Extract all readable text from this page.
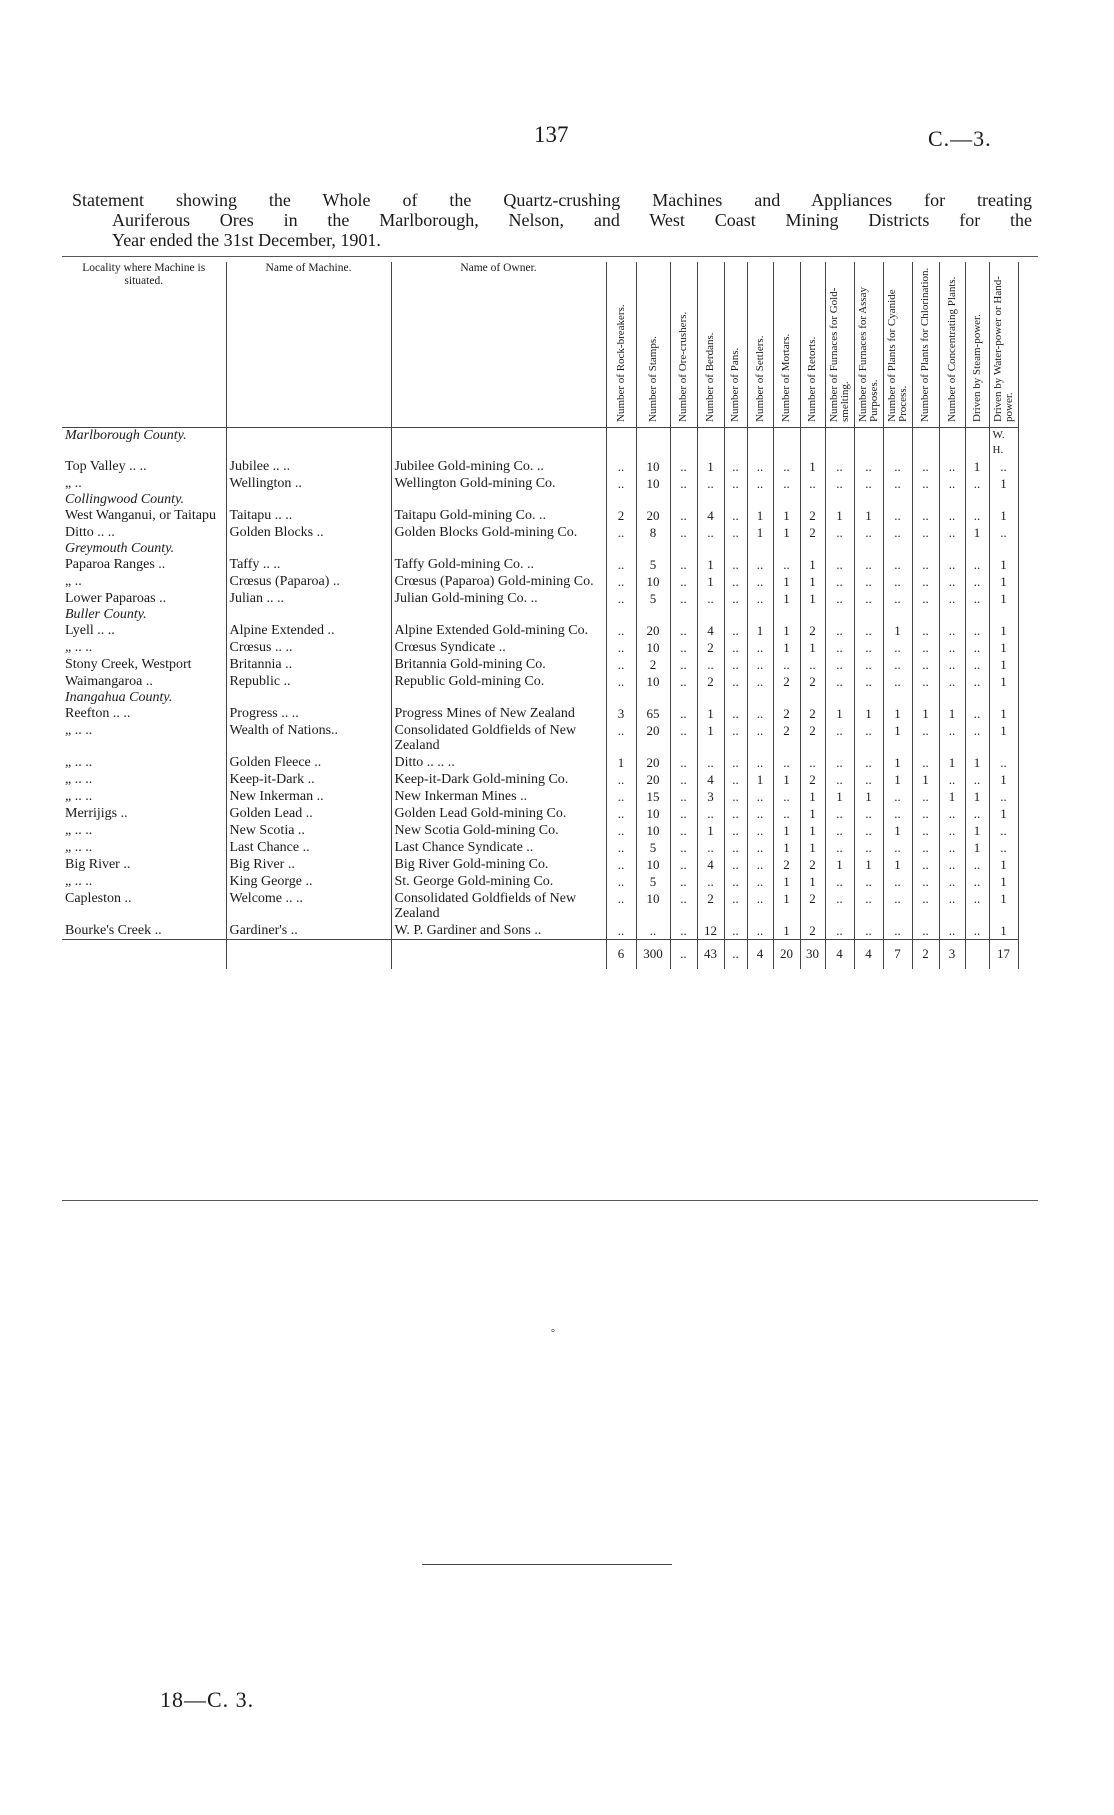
137	C.—3.
Statement showing the Whole of the Quartz-crushing Machines and Appliances for treating
Auriferous Ores in the Marlborough, Nelson, and West Coast Mining Districts for the
Year ended the 31st December, 1901.
Locality where Machine is situated.	Name of Machine.	Name of Owner.	Number of Rock-breakers.	Number of Stamps.	Number of Ore-crushers.	Number of Berdans.	Number of Pans.	Number of Settlers.	Number of Mortars.	Number of Retorts.	Number of Furnaces for Gold-smelting.	Number of Furnaces for Assay Purposes.	Number of Plants for Cyanide Process.	Number of Plants for Chlorination.	Number of Concentrating Plants.	Driven by Steam-power.	Driven by Water-power or Hand-power.

Marlborough County.																	W. H.
Top Valley .. ..	Jubilee .. ..	Jubilee Gold-mining Co. ..	..	10	..	1	..	..	..	1	..	..	..	..	..	1	..
„ ..	Wellington ..	Wellington Gold-mining Co.	..	10	..	..	..	..	..	..	..	..	..	..	..	..	1
Collingwood County.																	
West Wanganui, or Taitapu	Taitapu .. ..	Taitapu Gold-mining Co. ..	2	20	..	4	..	1	1	2	1	1	..	..	..	..	1
Ditto .. ..	Golden Blocks ..	Golden Blocks Gold-mining Co.	..	8	..	..	..	1	1	2	..	..	..	..	..	1	..
Greymouth County.																	
Paparoa Ranges ..	Taffy .. ..	Taffy Gold-mining Co. ..	..	5	..	1	..	..	..	1	..	..	..	..	..	..	1
„ ..	Crœsus (Paparoa) ..	Crœsus (Paparoa) Gold-mining Co.	..	10	..	1	..	..	1	1	..	..	..	..	..	..	1
Lower Paparoas ..	Julian .. ..	Julian Gold-mining Co. ..	..	5	..	..	..	..	1	1	..	..	..	..	..	..	1
Buller County.																	
Lyell .. ..	Alpine Extended ..	Alpine Extended Gold-mining Co.	..	20	..	4	..	1	1	2	..	..	1	..	..	..	1
„ .. ..	Crœsus .. ..	Crœsus Syndicate ..	..	10	..	2	..	..	1	1	..	..	..	..	..	..	1
Stony Creek, Westport	Britannia ..	Britannia Gold-mining Co.	..	2	..	..	..	..	..	..	..	..	..	..	..	..	1
Waimangaroa ..	Republic ..	Republic Gold-mining Co.	..	10	..	2	..	..	2	2	..	..	..	..	..	..	1
Inangahua County.																	
Reefton .. ..	Progress .. ..	Progress Mines of New Zealand	3	65	..	1	..	..	2	2	1	1	1	1	1	..	1
„ .. ..	Wealth of Nations..	Consolidated Goldfields of New Zealand	..	20	..	1	..	..	2	2	..	..	1	..	..	..	1
„ .. ..	Golden Fleece ..	Ditto .. .. ..	1	20	..	..	..	..	..	..	..	..	1	..	1	1	..
„ .. ..	Keep-it-Dark ..	Keep-it-Dark Gold-mining Co.	..	20	..	4	..	1	1	2	..	..	1	1	..	..	1
„ .. ..	New Inkerman ..	New Inkerman Mines ..	..	15	..	3	..	..	..	1	1	1	..	..	1	1	..
Merrijigs ..	Golden Lead ..	Golden Lead Gold-mining Co.	..	10	..	..	..	..	..	1	..	..	..	..	..	..	1
„ .. ..	New Scotia ..	New Scotia Gold-mining Co.	..	10	..	1	..	..	1	1	..	..	1	..	..	1	..
„ .. ..	Last Chance ..	Last Chance Syndicate ..	..	5	..	..	..	..	1	1	..	..	..	..	..	1	..
Big River ..	Big River ..	Big River Gold-mining Co.	..	10	..	4	..	..	2	2	1	1	1	..	..	..	1
„ .. ..	King George ..	St. George Gold-mining Co.	..	5	..	..	..	..	1	1	..	..	..	..	..	..	1
Capleston ..	Welcome .. ..	Consolidated Goldfields of New Zealand	..	10	..	2	..	..	1	2	..	..	..	..	..	..	1
Bourke's Creek ..	Gardiner's ..	W. P. Gardiner and Sons ..	..	..	..	12	..	..	1	2	..	..	..	..	..	..	1
			6	300	..	43	..	4	20	30	4	4	7	2	3		17
°
18—C. 3.
